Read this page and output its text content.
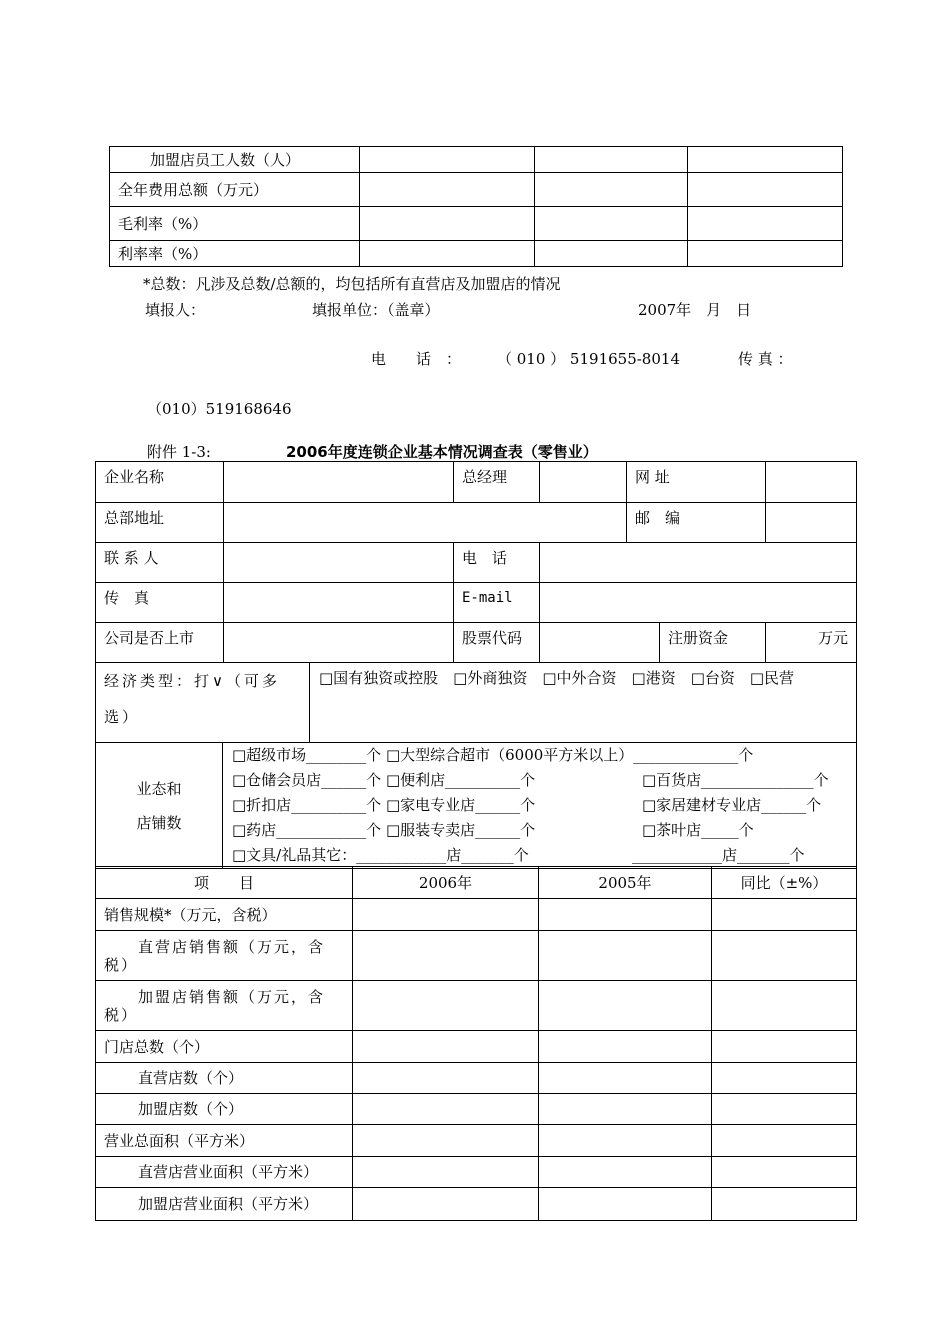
加盟店员工人数（人）			
全年费用总额（万元）			
毛利率（%）			
利率率（%）			
*总数：凡涉及总数/总额的，均包括所有直营店及加盟店的情况
填报人：	填报单位：（盖章）	2007年　月　日
电　　话　： （ 010 ） 5191655-8014	传 真 ：
（010）519168646
附件 1-3:	2006年度连锁企业基本情况调查表（零售业）
企业名称		总经理		网 址		
总部地址				邮　编		
联 系 人		电　话				
传　真		E-mail				
公司是否上市		股票代码			注册资金	万元
经济类型：打∨（可多选）	□国有独资或控股　□外商独资　□中外合资　□港资　□台资　□民营
业态和
店铺数

□超级市场________个 □大型综合超市（6000平方米以上）______________个
□仓储会员店______个 □便利店__________个	□百货店_______________个
□折扣店__________个 □家电专业店______个	□家居建材专业店______个
□药店____________个 □服装专卖店______个	□茶叶店_____个
□文具/礼品其它：____________店_______个	____________店_______个
项　　目	2006年	2005年	同比（±%）
销售规模*（万元，含税）			
直营店销售额（万元，含税）			
加盟店销售额（万元，含税）			
门店总数（个）			
直营店数（个）			
加盟店数（个）			
营业总面积（平方米）			
直营店营业面积（平方米）			
加盟店营业面积（平方米）			
